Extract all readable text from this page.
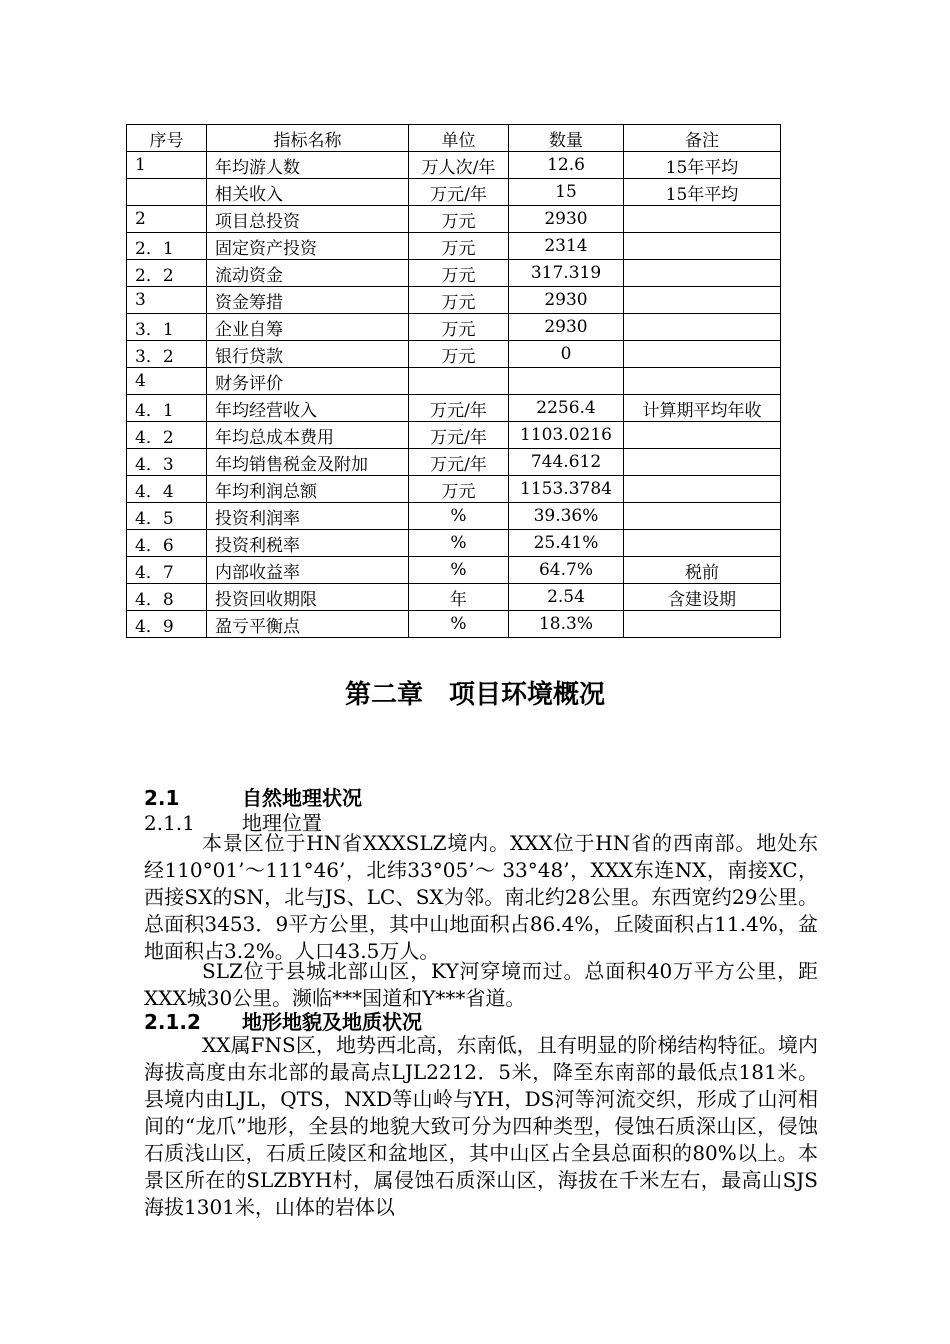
序号	指标名称	单位	数量	备注
1	年均游人数	万人次/年	12.6	15年平均
	相关收入	万元/年	15	15年平均
2	项目总投资	万元	2930	
2．1	固定资产投资	万元	2314	
2．2	流动资金	万元	317.319	
3	资金筹措	万元	2930	
3．1	企业自筹	万元	2930	
3．2	银行贷款	万元	0	
4	财务评价			
4．1	年均经营收入	万元/年	2256.4	计算期平均年收
4．2	年均总成本费用	万元/年	1103.0216	
4．3	年均销售税金及附加	万元/年	744.612	
4．4	年均利润总额	万元	1153.3784	
4．5	投资利润率	%	39.36%	
4．6	投资利税率	%	25.41%	
4．7	内部收益率	%	64.7%	税前
4．8	投资回收期限	年	2.54	含建设期
4．9	盈亏平衡点	%	18.3%	
第二章　项目环境概况
2.1	自然地理状况
2.1.1 地理位置

本景区位于HN省XXXSLZ境内。XXX位于HN省的西南部。地处东经110°01’～111°46’，北纬33°05’～ 33°48’，XXX东连NX，南接XC，西接SX的SN，北与JS、LC、SX为邻。南北约28公里。东西宽约29公里。总面积3453．9平方公里，其中山地面积占86.4%，丘陵面积占11.4%，盆地面积占3.2%。人口43.5万人。

SLZ位于县城北部山区，KY河穿境而过。总面积40万平方公里，距XXX城30公里。濒临***国道和Y***省道。

2.1.2 地形地貌及地质状况

XX属FNS区，地势西北高，东南低，且有明显的阶梯结构特征。境内海拔高度由东北部的最高点LJL2212．5米，降至东南部的最低点181米。县境内由LJL，QTS，NXD等山岭与YH，DS河等河流交织，形成了山河相间的“龙爪”地形，全县的地貌大致可分为四种类型，侵蚀石质深山区，侵蚀石质浅山区，石质丘陵区和盆地区，其中山区占全县总面积的80%以上。本景区所在的SLZBYH村，属侵蚀石质深山区，海拔在千米左右，最高山SJS海拔1301米，山体的岩体以
